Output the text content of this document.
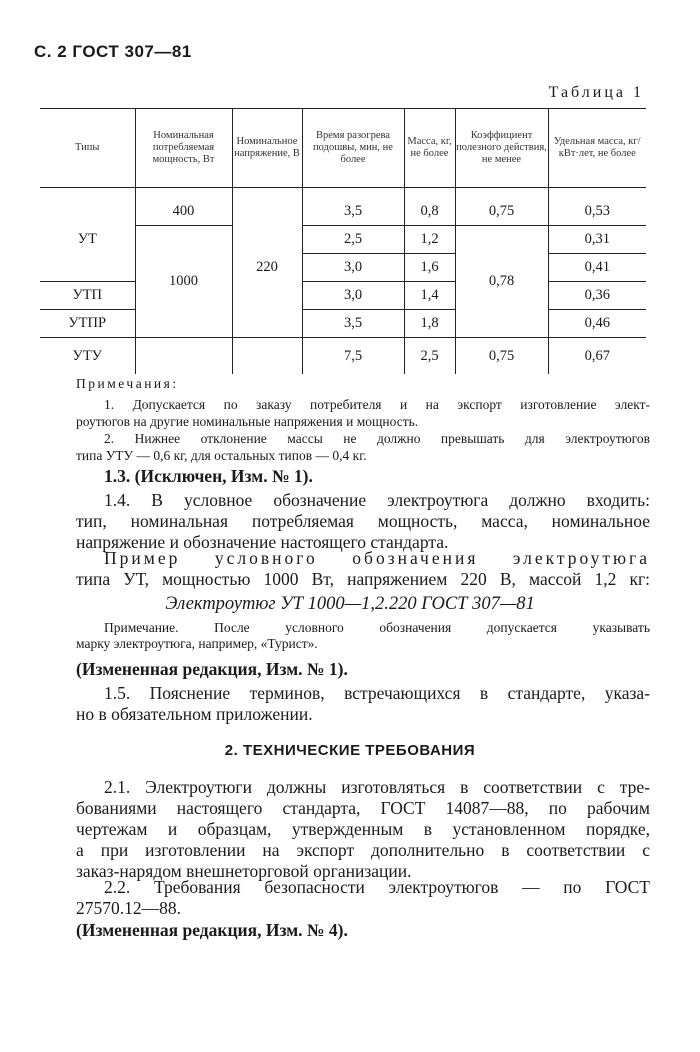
С. 2 ГОСТ 307—81
Таблица 1
Типы	Номинальная потребляемая мощность, Вт	Номинальное напряжение, В	Время разогрева подошвы, мин, не более	Масса, кг, не более	Коэффициент полезного действия, не менее	Удельная масса, кг/кВт·лет, не более

УТ	400	220	3,5	0,8	0,75	0,53
	1000		2,5	1,2	0,78	0,31
			3,0	1,6		0,41
УТП			3,0	1,4		0,36
УТПР			3,5	1,8		0,46
УТУ			7,5	2,5	0,75	0,67
Примечания:
1. Допускается по заказу потребителя и на экспорт изготовление элект-
роутюгов на другие номинальные напряжения и мощность.
2. Нижнее отклонение массы не должно превышать для электроутюгов
типа УТУ — 0,6 кг, для остальных типов — 0,4 кг.
1.3. (Исключен, Изм. № 1).
1.4. В условное обозначение электроутюга должно входить:
тип, номинальная потребляемая мощность, масса, номинальное
напряжение и обозначение настоящего стандарта.
Пример условного обозначения электроутюга
типа УТ, мощностью 1000 Вт, напряжением 220 В, массой 1,2 кг:
Электроутюг УТ 1000—1,2.220 ГОСТ 307—81
Примечание. После условного обозначения допускается указывать
марку электроутюга, например, «Турист».
(Измененная редакция, Изм. № 1).
1.5. Пояснение терминов, встречающихся в стандарте, указа-
но в обязательном приложении.
2. ТЕХНИЧЕСКИЕ ТРЕБОВАНИЯ
2.1. Электроутюги должны изготовляться в соответствии с тре-
бованиями настоящего стандарта, ГОСТ 14087—88, по рабочим
чертежам и образцам, утвержденным в установленном порядке,
а при изготовлении на экспорт дополнительно в соответствии с
заказ-нарядом внешнеторговой организации.
2.2. Требования безопасности электроутюгов — по ГОСТ
27570.12—88.
(Измененная редакция, Изм. № 4).
